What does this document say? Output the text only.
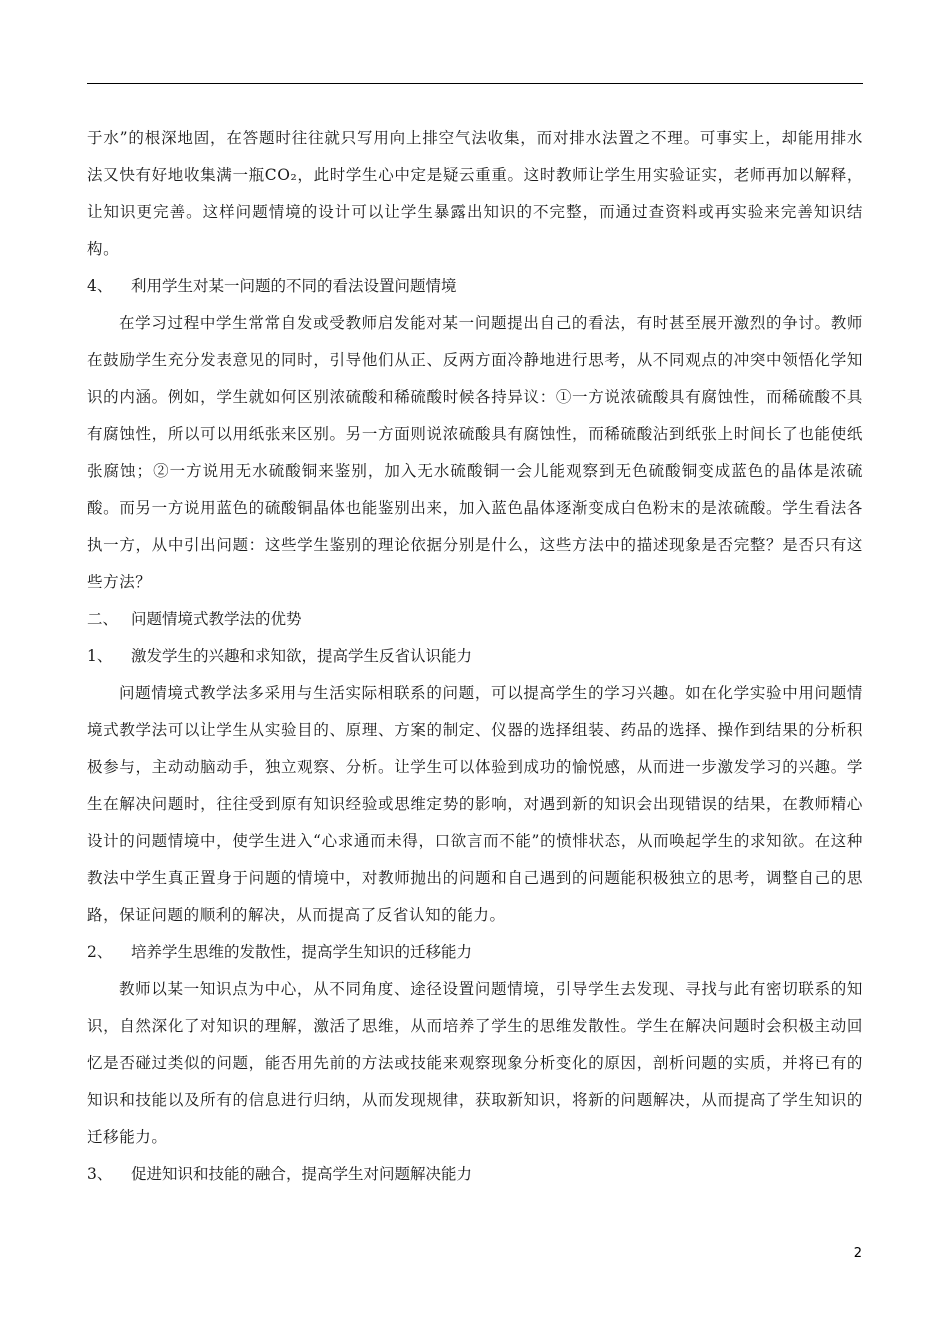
于水”的根深地固，在答题时往往就只写用向上排空气法收集，而对排水法置之不理。可事实上，却能用排水法又快有好地收集满一瓶CO₂，此时学生心中定是疑云重重。这时教师让学生用实验证实，老师再加以解释，让知识更完善。这样问题情境的设计可以让学生暴露出知识的不完整，而通过查资料或再实验来完善知识结构。

4、 利用学生对某一问题的不同的看法设置问题情境

在学习过程中学生常常自发或受教师启发能对某一问题提出自己的看法，有时甚至展开激烈的争讨。教师在鼓励学生充分发表意见的同时，引导他们从正、反两方面冷静地进行思考，从不同观点的冲突中领悟化学知识的内涵。例如，学生就如何区别浓硫酸和稀硫酸时候各持异议：①一方说浓硫酸具有腐蚀性，而稀硫酸不具有腐蚀性，所以可以用纸张来区别。另一方面则说浓硫酸具有腐蚀性，而稀硫酸沾到纸张上时间长了也能使纸张腐蚀；②一方说用无水硫酸铜来鉴别，加入无水硫酸铜一会儿能观察到无色硫酸铜变成蓝色的晶体是浓硫酸。而另一方说用蓝色的硫酸铜晶体也能鉴别出来，加入蓝色晶体逐渐变成白色粉末的是浓硫酸。学生看法各执一方，从中引出问题：这些学生鉴别的理论依据分别是什么，这些方法中的描述现象是否完整？是否只有这些方法？

二、 问题情境式教学法的优势

1、 激发学生的兴趣和求知欲，提高学生反省认识能力

问题情境式教学法多采用与生活实际相联系的问题，可以提高学生的学习兴趣。如在化学实验中用问题情境式教学法可以让学生从实验目的、原理、方案的制定、仪器的选择组装、药品的选择、操作到结果的分析积极参与，主动动脑动手，独立观察、分析。让学生可以体验到成功的愉悦感，从而进一步激发学习的兴趣。学生在解决问题时，往往受到原有知识经验或思维定势的影响，对遇到新的知识会出现错误的结果，在教师精心设计的问题情境中，使学生进入“心求通而未得，口欲言而不能”的愤悱状态，从而唤起学生的求知欲。在这种教法中学生真正置身于问题的情境中，对教师抛出的问题和自己遇到的问题能积极独立的思考，调整自己的思路，保证问题的顺利的解决，从而提高了反省认知的能力。

2、 培养学生思维的发散性，提高学生知识的迁移能力

教师以某一知识点为中心，从不同角度、途径设置问题情境，引导学生去发现、寻找与此有密切联系的知识，自然深化了对知识的理解，激活了思维，从而培养了学生的思维发散性。学生在解决问题时会积极主动回忆是否碰过类似的问题，能否用先前的方法或技能来观察现象分析变化的原因，剖析问题的实质，并将已有的知识和技能以及所有的信息进行归纳，从而发现规律，获取新知识，将新的问题解决，从而提高了学生知识的迁移能力。

3、 促进知识和技能的融合，提高学生对问题解决能力

2
